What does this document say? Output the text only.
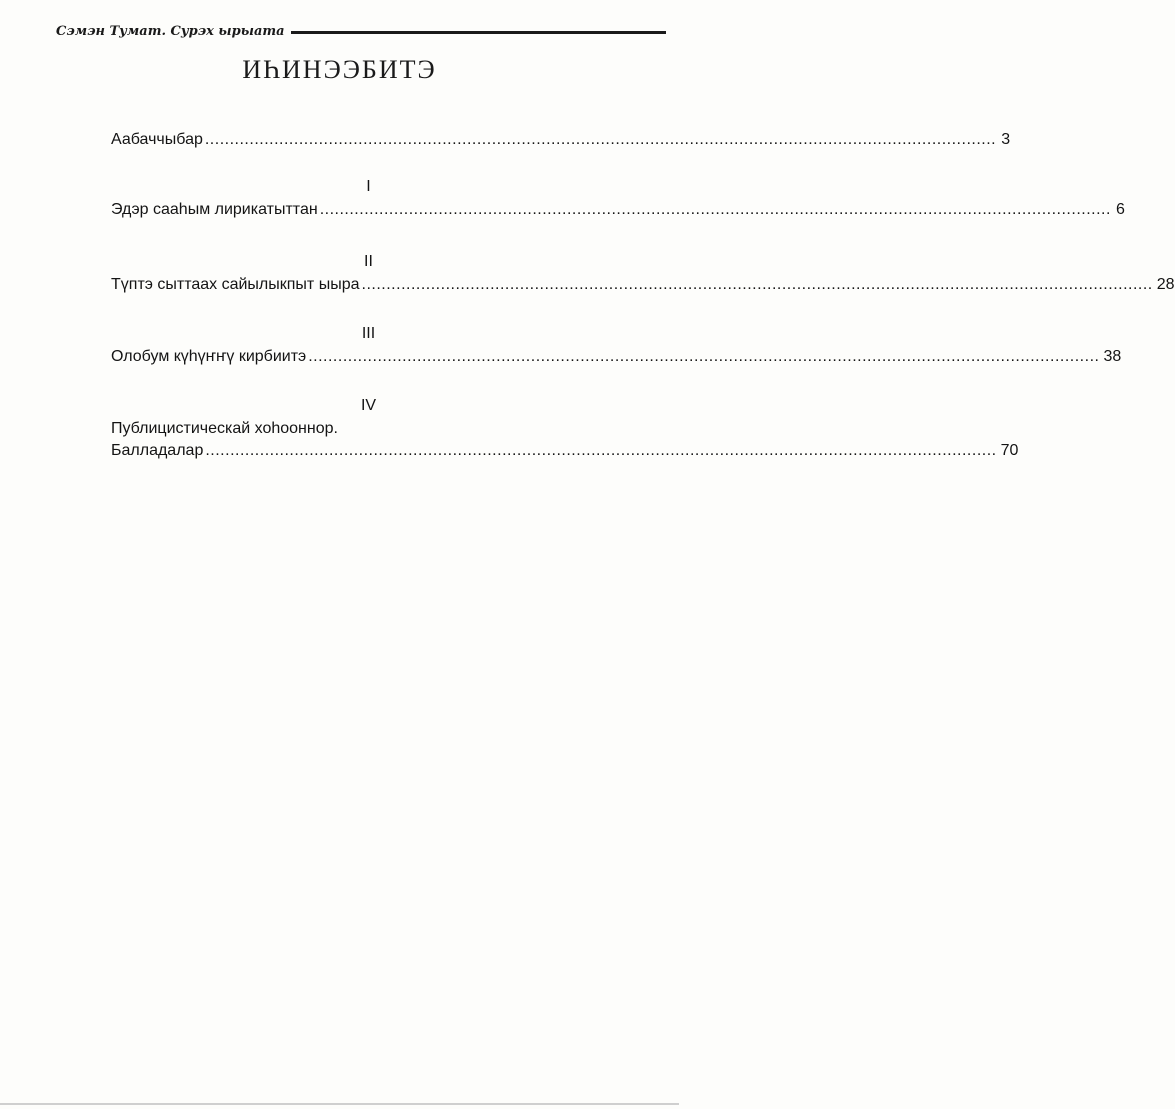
Сэмэн Тумат. Сурэх ырыата
ИҺИНЭЭБИТЭ
Аабаччыбар ................................................................................................................................................................ 3
I
Эдэр сааһым лирикатыттан ................................................................................................................................................................ 6
II
Түптэ сыттаах сайылыкпыт ыыра ................................................................................................................................................................ 28
III
Олобум күһүҥҥү кирбиитэ ................................................................................................................................................................ 38
IV
Публицистическай хоһооннор.
Балладалар ................................................................................................................................................................ 70
